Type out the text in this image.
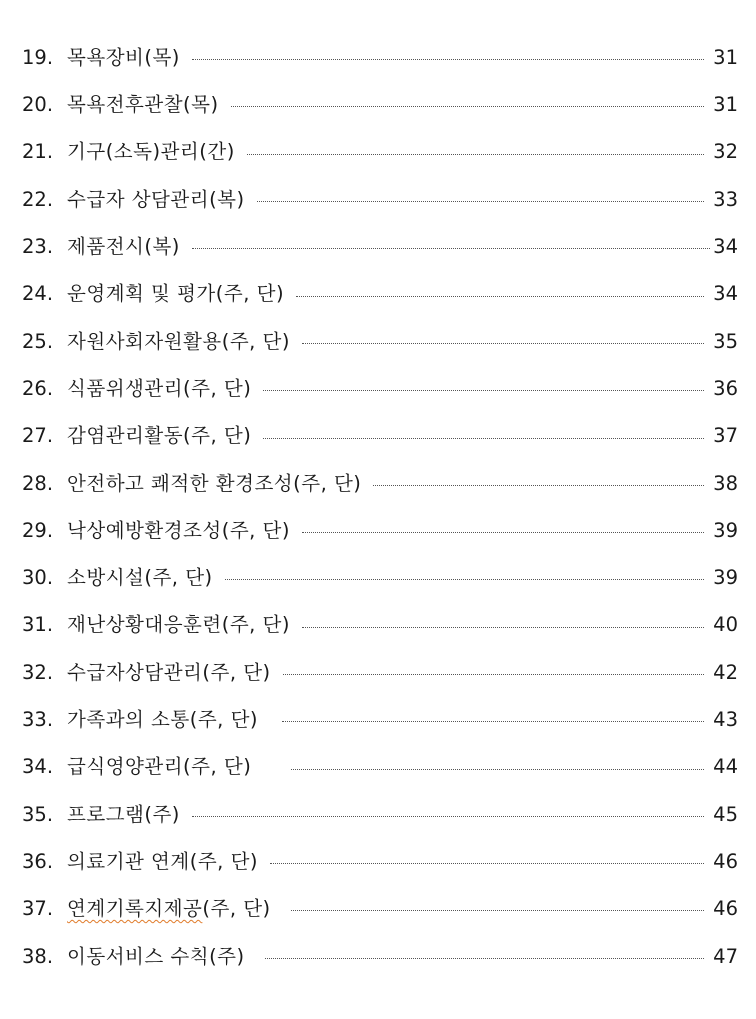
19. 목욕장비(목)	31
20. 목욕전후관찰(목)	31
21. 기구(소독)관리(간)	32
22. 수급자 상담관리(복)	33
23. 제품전시(복)	34
24. 운영계획 및 평가(주, 단)	34
25. 자원사회자원활용(주, 단)	35
26. 식품위생관리(주, 단)	36
27. 감염관리활동(주, 단)	37
28. 안전하고 쾌적한 환경조성(주, 단)	38
29. 낙상예방환경조성(주, 단)	39
30. 소방시설(주, 단)	39
31. 재난상황대응훈련(주, 단)	40
32. 수급자상담관리(주, 단)	42
33. 가족과의 소통(주, 단)	43
34. 급식영양관리(주, 단)	44
35. 프로그램(주)	45
36. 의료기관 연계(주, 단)	46
37. 연계기록지제공(주, 단)	46
38. 이동서비스 수칙(주)	47
